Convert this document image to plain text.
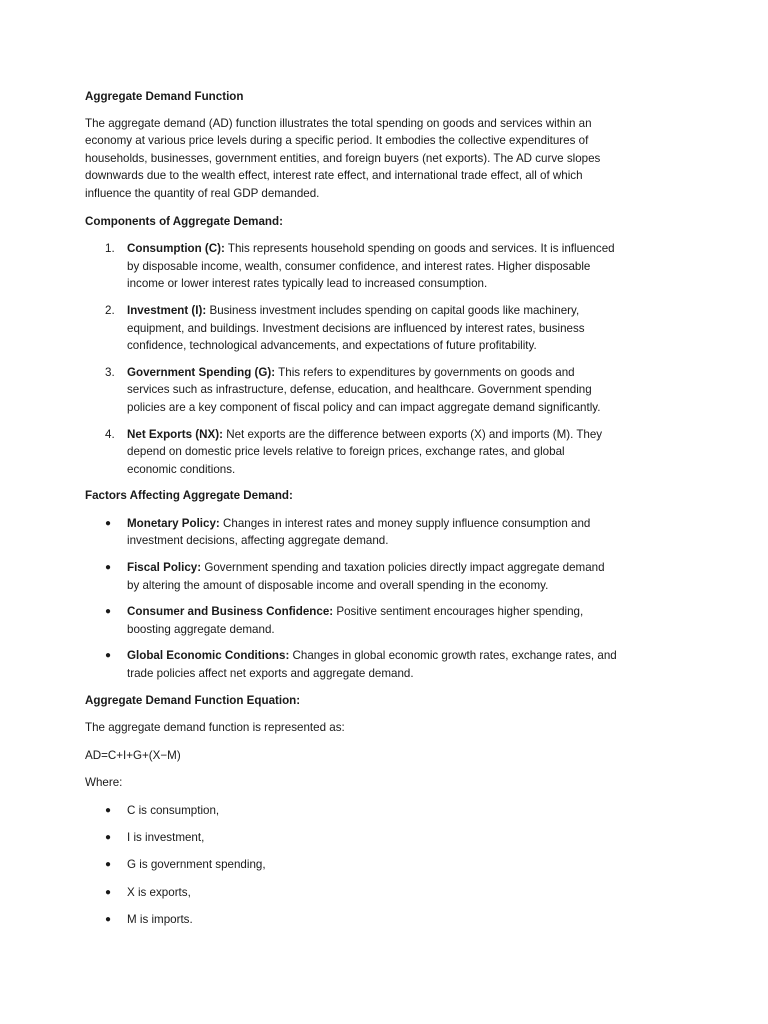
Aggregate Demand Function

The aggregate demand (AD) function illustrates the total spending on goods and services within an economy at various price levels during a specific period. It embodies the collective expenditures of households, businesses, government entities, and foreign buyers (net exports). The AD curve slopes downwards due to the wealth effect, interest rate effect, and international trade effect, all of which influence the quantity of real GDP demanded.

Components of Aggregate Demand:
1.	Consumption (C): This represents household spending on goods and services. It is influenced by disposable income, wealth, consumer confidence, and interest rates. Higher disposable income or lower interest rates typically lead to increased consumption.
2.	Investment (I): Business investment includes spending on capital goods like machinery, equipment, and buildings. Investment decisions are influenced by interest rates, business confidence, technological advancements, and expectations of future profitability.
3.	Government Spending (G): This refers to expenditures by governments on goods and services such as infrastructure, defense, education, and healthcare. Government spending policies are a key component of fiscal policy and can impact aggregate demand significantly.
4.	Net Exports (NX): Net exports are the difference between exports (X) and imports (M). They depend on domestic price levels relative to foreign prices, exchange rates, and global economic conditions.
Factors Affecting Aggregate Demand:
● Monetary Policy: Changes in interest rates and money supply influence consumption and investment decisions, affecting aggregate demand.
● Fiscal Policy: Government spending and taxation policies directly impact aggregate demand by altering the amount of disposable income and overall spending in the economy.
● Consumer and Business Confidence: Positive sentiment encourages higher spending, boosting aggregate demand.
● Global Economic Conditions: Changes in global economic growth rates, exchange rates, and trade policies affect net exports and aggregate demand.
Aggregate Demand Function Equation:

The aggregate demand function is represented as:

AD=C+I+G+(X−M)

Where:

● C is consumption,
● I is investment,
● G is government spending,
● X is exports,
● M is imports.
